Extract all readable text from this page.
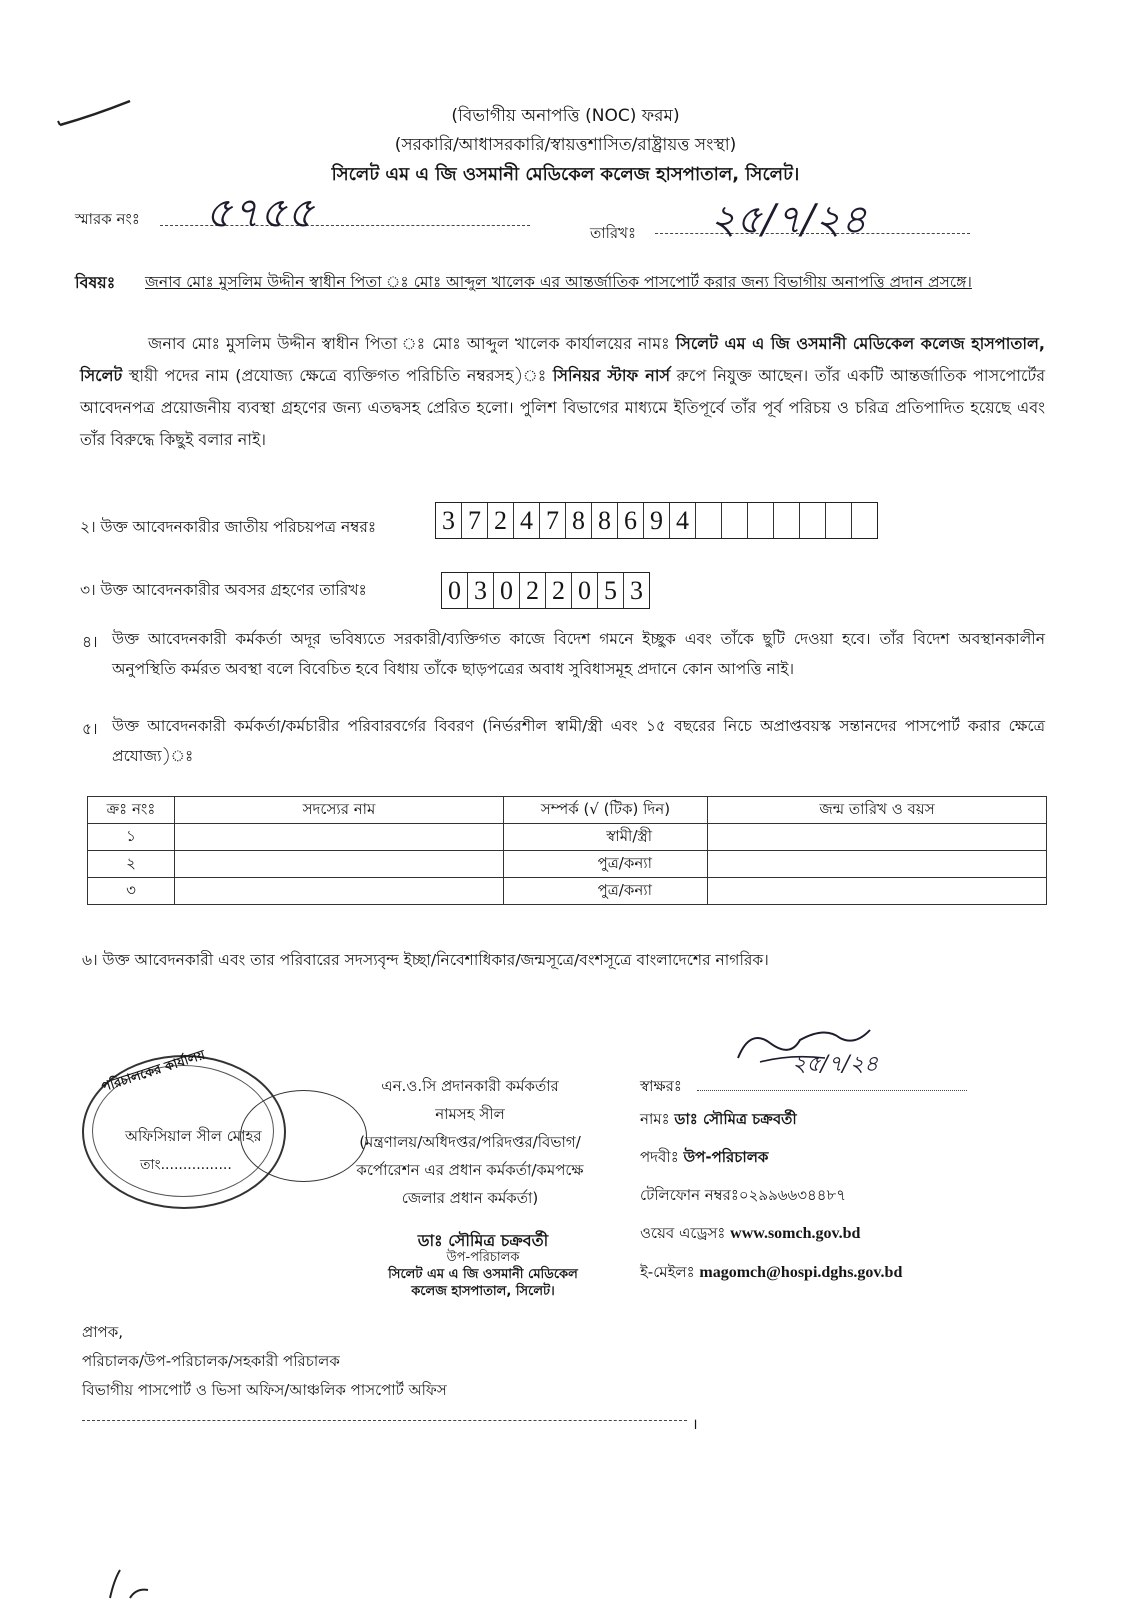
(বিভাগীয় অনাপত্তি (NOC) ফরম)
(সরকারি/আধাসরকারি/স্বায়ত্তশাসিত/রাষ্ট্রায়ত্ত সংস্থা)
সিলেট এম এ জি ওসমানী মেডিকেল কলেজ হাসপাতাল, সিলেট।
স্মারক নংঃ ৫৭৫৫	তারিখঃ ২৫/৭/২৪
বিষয়ঃ জনাব মোঃ মুসলিম উদ্দীন স্বাধীন পিতা ঃ মোঃ আব্দুল খালেক এর আন্তর্জাতিক পাসপোর্ট করার জন্য বিভাগীয় অনাপত্তি প্রদান প্রসঙ্গে।
জনাব মোঃ মুসলিম উদ্দীন স্বাধীন পিতা ঃ মোঃ আব্দুল খালেক কার্যালয়ের নামঃ সিলেট এম এ জি ওসমানী মেডিকেল কলেজ হাসপাতাল, সিলেট স্থায়ী পদের নাম (প্রযোজ্য ক্ষেত্রে ব্যক্তিগত পরিচিতি নম্বরসহ)ঃ সিনিয়র স্টাফ নার্স রুপে নিযুক্ত আছেন। তাঁর একটি আন্তর্জাতিক পাসপোর্টের আবেদনপত্র প্রয়োজনীয় ব্যবস্থা গ্রহণের জন্য এতদ্বসহ প্রেরিত হলো। পুলিশ বিভাগের মাধ্যমে ইতিপূর্বে তাঁর পূর্ব পরিচয় ও চরিত্র প্রতিপাদিত হয়েছে এবং তাঁর বিরুদ্ধে কিছুই বলার নাই।
২। উক্ত আবেদনকারীর জাতীয় পরিচয়পত্র নম্বরঃ	3 7 2 4 7 8 8 6 9 4
৩। উক্ত আবেদনকারীর অবসর গ্রহণের তারিখঃ	0 3 0 2 2 0 5 3
৪। উক্ত আবেদনকারী কর্মকর্তা অদূর ভবিষ্যতে সরকারী/ব্যক্তিগত কাজে বিদেশ গমনে ইচ্ছুক এবং তাঁকে ছুটি দেওয়া হবে। তাঁর বিদেশ অবস্থানকালীন অনুপস্থিতি কর্মরত অবস্থা বলে বিবেচিত হবে বিধায় তাঁকে ছাড়পত্রের অবাধ সুবিধাসমূহ প্রদানে কোন আপত্তি নাই।
৫। উক্ত আবেদনকারী কর্মকর্তা/কর্মচারীর পরিবারবর্গের বিবরণ (নির্ভরশীল স্বামী/স্ত্রী এবং ১৫ বছরের নিচে অপ্রাপ্তবয়স্ক সন্তানদের পাসপোর্ট করার ক্ষেত্রে প্রযোজ্য)ঃ
ক্রঃ নংঃ	সদস্যের নাম	সম্পর্ক (√ (টিক) দিন)	জন্ম তারিখ ও বয়স
১		স্বামী/স্ত্রী	
২		পুত্র/কন্যা	
৩		পুত্র/কন্যা	
৬। উক্ত আবেদনকারী এবং তার পরিবারের সদস্যবৃন্দ ইচ্ছা/নিবেশাধিকার/জন্মসূত্রে/বংশসূত্রে বাংলাদেশের নাগরিক।
পরিচালকের কার্যালয়
অফিসিয়াল সীল মোহর
তাং................
এন.ও.সি প্রদানকারী কর্মকর্তার
নামসহ সীল
(মন্ত্রণালয়/অধিদপ্তর/পরিদপ্তর/বিভাগ/
কর্পোরেশন এর প্রধান কর্মকর্তা/কমপক্ষে
জেলার প্রধান কর্মকর্তা)
ডাঃ সৌমিত্র চক্রবর্তী
উপ-পরিচালক
সিলেট এম এ জি ওসমানী মেডিকেল
কলেজ হাসপাতাল, সিলেট।
স্বাক্ষরঃ
২৫/৭/২৪
নামঃ ডাঃ সৌমিত্র চক্রবর্তী
পদবীঃ উপ-পরিচালক
টেলিফোন নম্বরঃ০২৯৯৬৬৩৪৪৮৭
ওয়েব এড্রেসঃ www.somch.gov.bd
ই-মেইলঃ magomch@hospi.dghs.gov.bd
প্রাপক,
পরিচালক/উপ-পরিচালক/সহকারী পরিচালক
বিভাগীয় পাসপোর্ট ও ভিসা অফিস/আঞ্চলিক পাসপোর্ট অফিস
।
